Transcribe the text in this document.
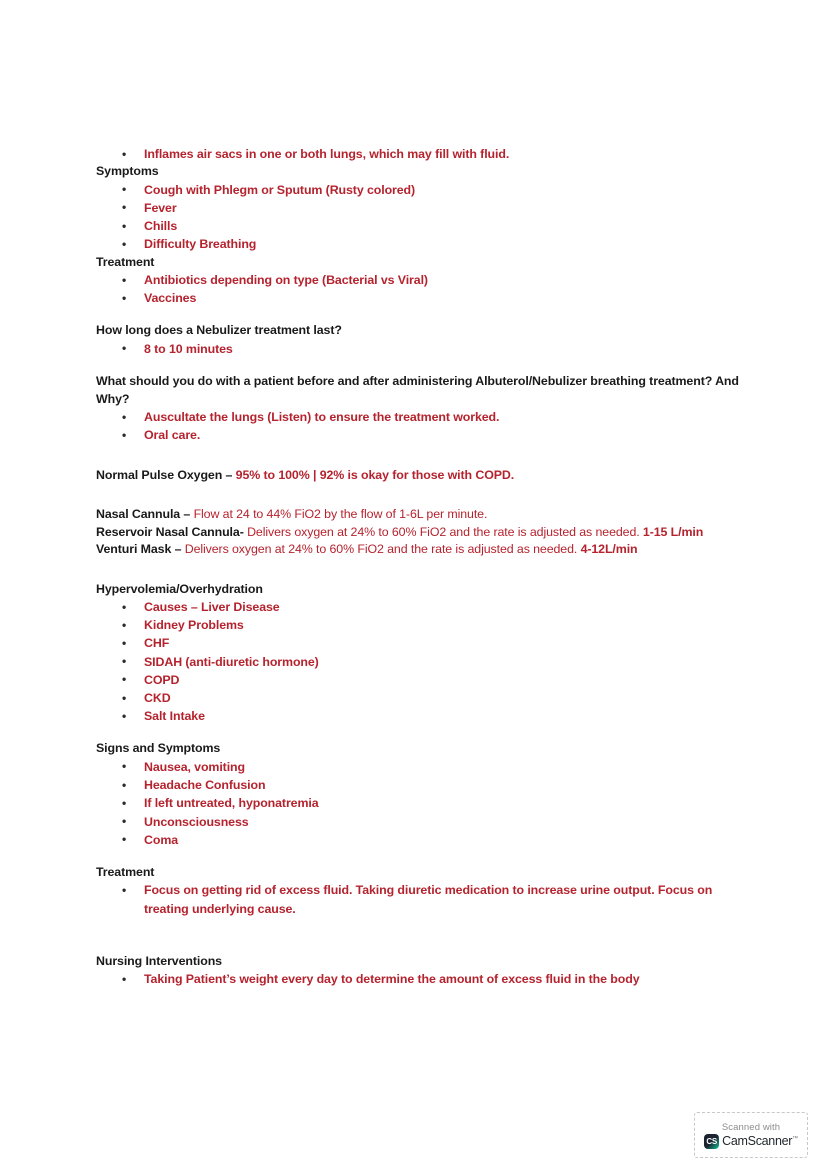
• Inflames air sacs in one or both lungs, which may fill with fluid.
Symptoms
• Cough with Phlegm or Sputum (Rusty colored)
• Fever
• Chills
• Difficulty Breathing
Treatment
• Antibiotics depending on type (Bacterial vs Viral)
• Vaccines
How long does a Nebulizer treatment last?
• 8 to 10 minutes
What should you do with a patient before and after administering Albuterol/Nebulizer breathing treatment? And Why?
• Auscultate the lungs (Listen) to ensure the treatment worked.
• Oral care.
Normal Pulse Oxygen – 95% to 100% | 92% is okay for those with COPD.
Nasal Cannula – Flow at 24 to 44% FiO2 by the flow of 1-6L per minute.
Reservoir Nasal Cannula- Delivers oxygen at 24% to 60% FiO2 and the rate is adjusted as needed. 1-15 L/min
Venturi Mask – Delivers oxygen at 24% to 60% FiO2 and the rate is adjusted as needed. 4-12L/min
Hypervolemia/Overhydration
• Causes – Liver Disease
• Kidney Problems
• CHF
• SIDAH (anti-diuretic hormone)
• COPD
• CKD
• Salt Intake
Signs and Symptoms
• Nausea, vomiting
• Headache Confusion
• If left untreated, hyponatremia
• Unconsciousness
• Coma
Treatment
• Focus on getting rid of excess fluid. Taking diuretic medication to increase urine output. Focus on treating underlying cause.
Nursing Interventions
• Taking Patient’s weight every day to determine the amount of excess fluid in the body
Scanned with
CS CamScanner™
